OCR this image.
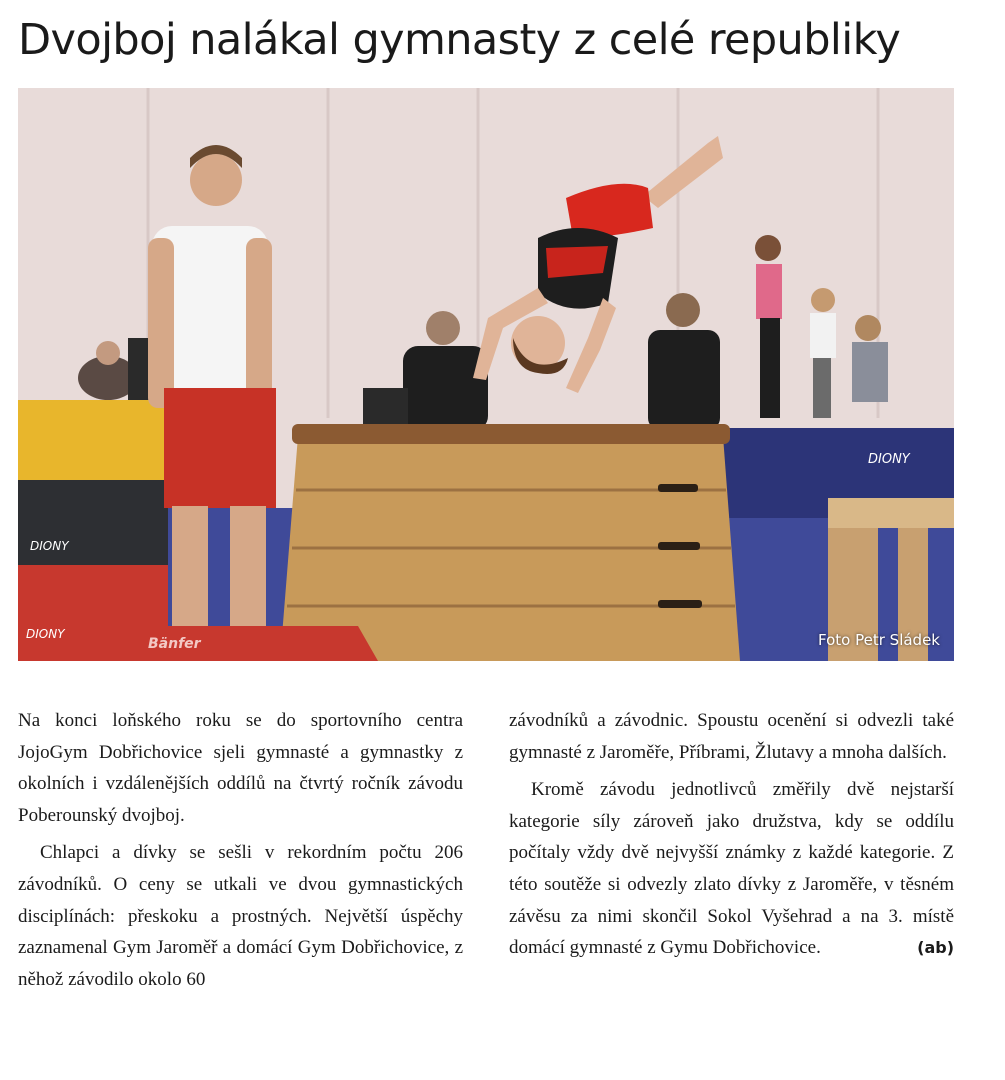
Dvojboj nalákal gymnasty z celé republiky
DIONY
DIONY
DIONY
Bänfer	Foto Petr Sládek

Na konci loňského roku se do sportovního centra JojoGym Dobřichovice sjeli gymnasté a gymnastky z okolních i vzdálenějších oddílů na čtvrtý ročník závodu Poberounský dvojboj.

Chlapci a dívky se sešli v rekordním počtu 206 závodníků. O ceny se utkali ve dvou gymnastických disciplínách: přeskoku a prostných. Největší úspěchy zaznamenal Gym Jaroměř a domácí Gym Dobřichovice, z něhož závodilo okolo 60

závodníků a závodnic. Spoustu ocenění si odvezli také gymnasté z Jaroměře, Příbrami, Žlutavy a mnoha dalších.

Kromě závodu jednotlivců změřily dvě nejstarší kategorie síly zároveň jako družstva, kdy se oddílu počítaly vždy dvě nejvyšší známky z každé kategorie. Z této soutěže si odvezly zlato dívky z Jaroměře, v těsném závěsu za nimi skončil Sokol Vyšehrad a na 3. místě domácí gymnasté z Gymu Dobřichovice.	(ab)
